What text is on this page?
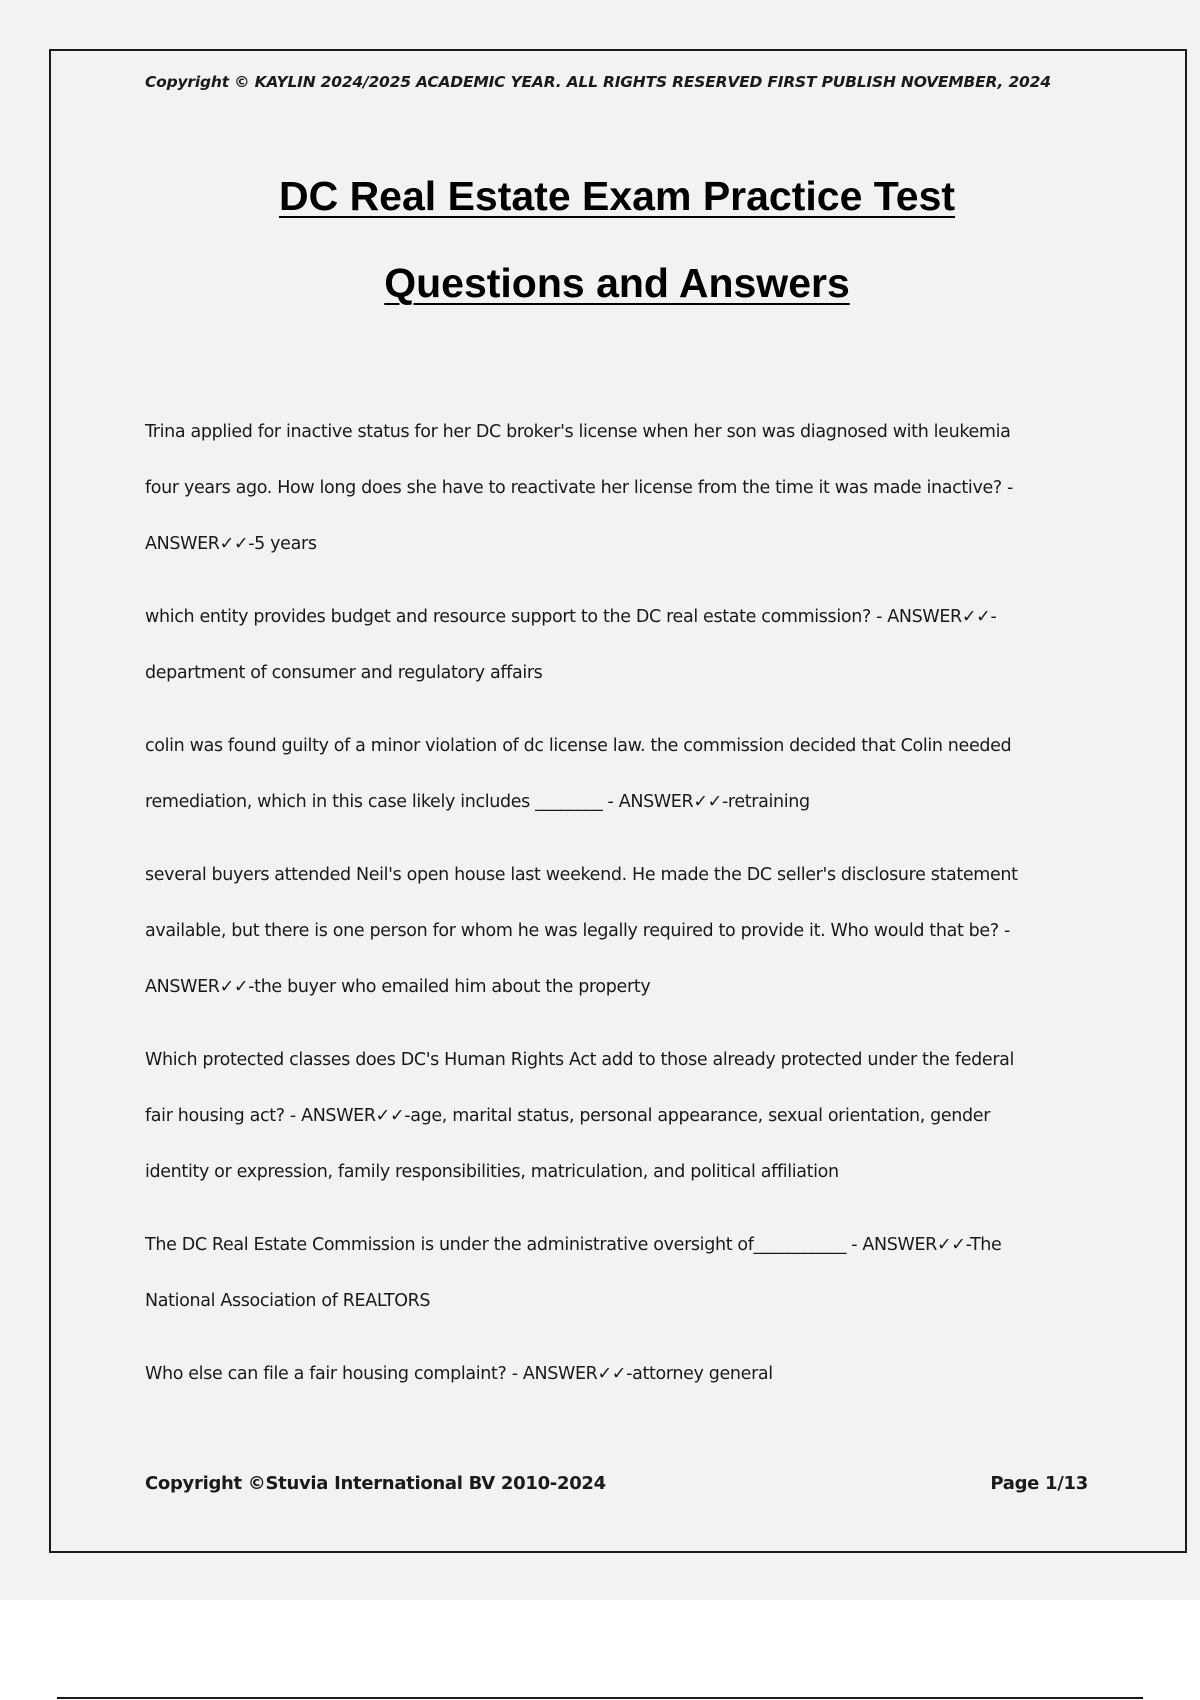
Copyright © KAYLIN 2024/2025 ACADEMIC YEAR. ALL RIGHTS RESERVED FIRST PUBLISH NOVEMBER, 2024
DC Real Estate Exam Practice Test
Questions and Answers
Trina applied for inactive status for her DC broker's license when her son was diagnosed with leukemia
four years ago. How long does she have to reactivate her license from the time it was made inactive? -
ANSWER✓✓-5 years
which entity provides budget and resource support to the DC real estate commission? - ANSWER✓✓-
department of consumer and regulatory affairs
colin was found guilty of a minor violation of dc license law. the commission decided that Colin needed
remediation, which in this case likely includes ________ - ANSWER✓✓-retraining
several buyers attended Neil's open house last weekend. He made the DC seller's disclosure statement
available, but there is one person for whom he was legally required to provide it. Who would that be? -
ANSWER✓✓-the buyer who emailed him about the property
Which protected classes does DC's Human Rights Act add to those already protected under the federal
fair housing act? - ANSWER✓✓-age, marital status, personal appearance, sexual orientation, gender
identity or expression, family responsibilities, matriculation, and political affiliation
The DC Real Estate Commission is under the administrative oversight of___________ - ANSWER✓✓-The
National Association of REALTORS
Who else can file a fair housing complaint? - ANSWER✓✓-attorney general
Copyright ©Stuvia International BV 2010-2024	Page 1/13
